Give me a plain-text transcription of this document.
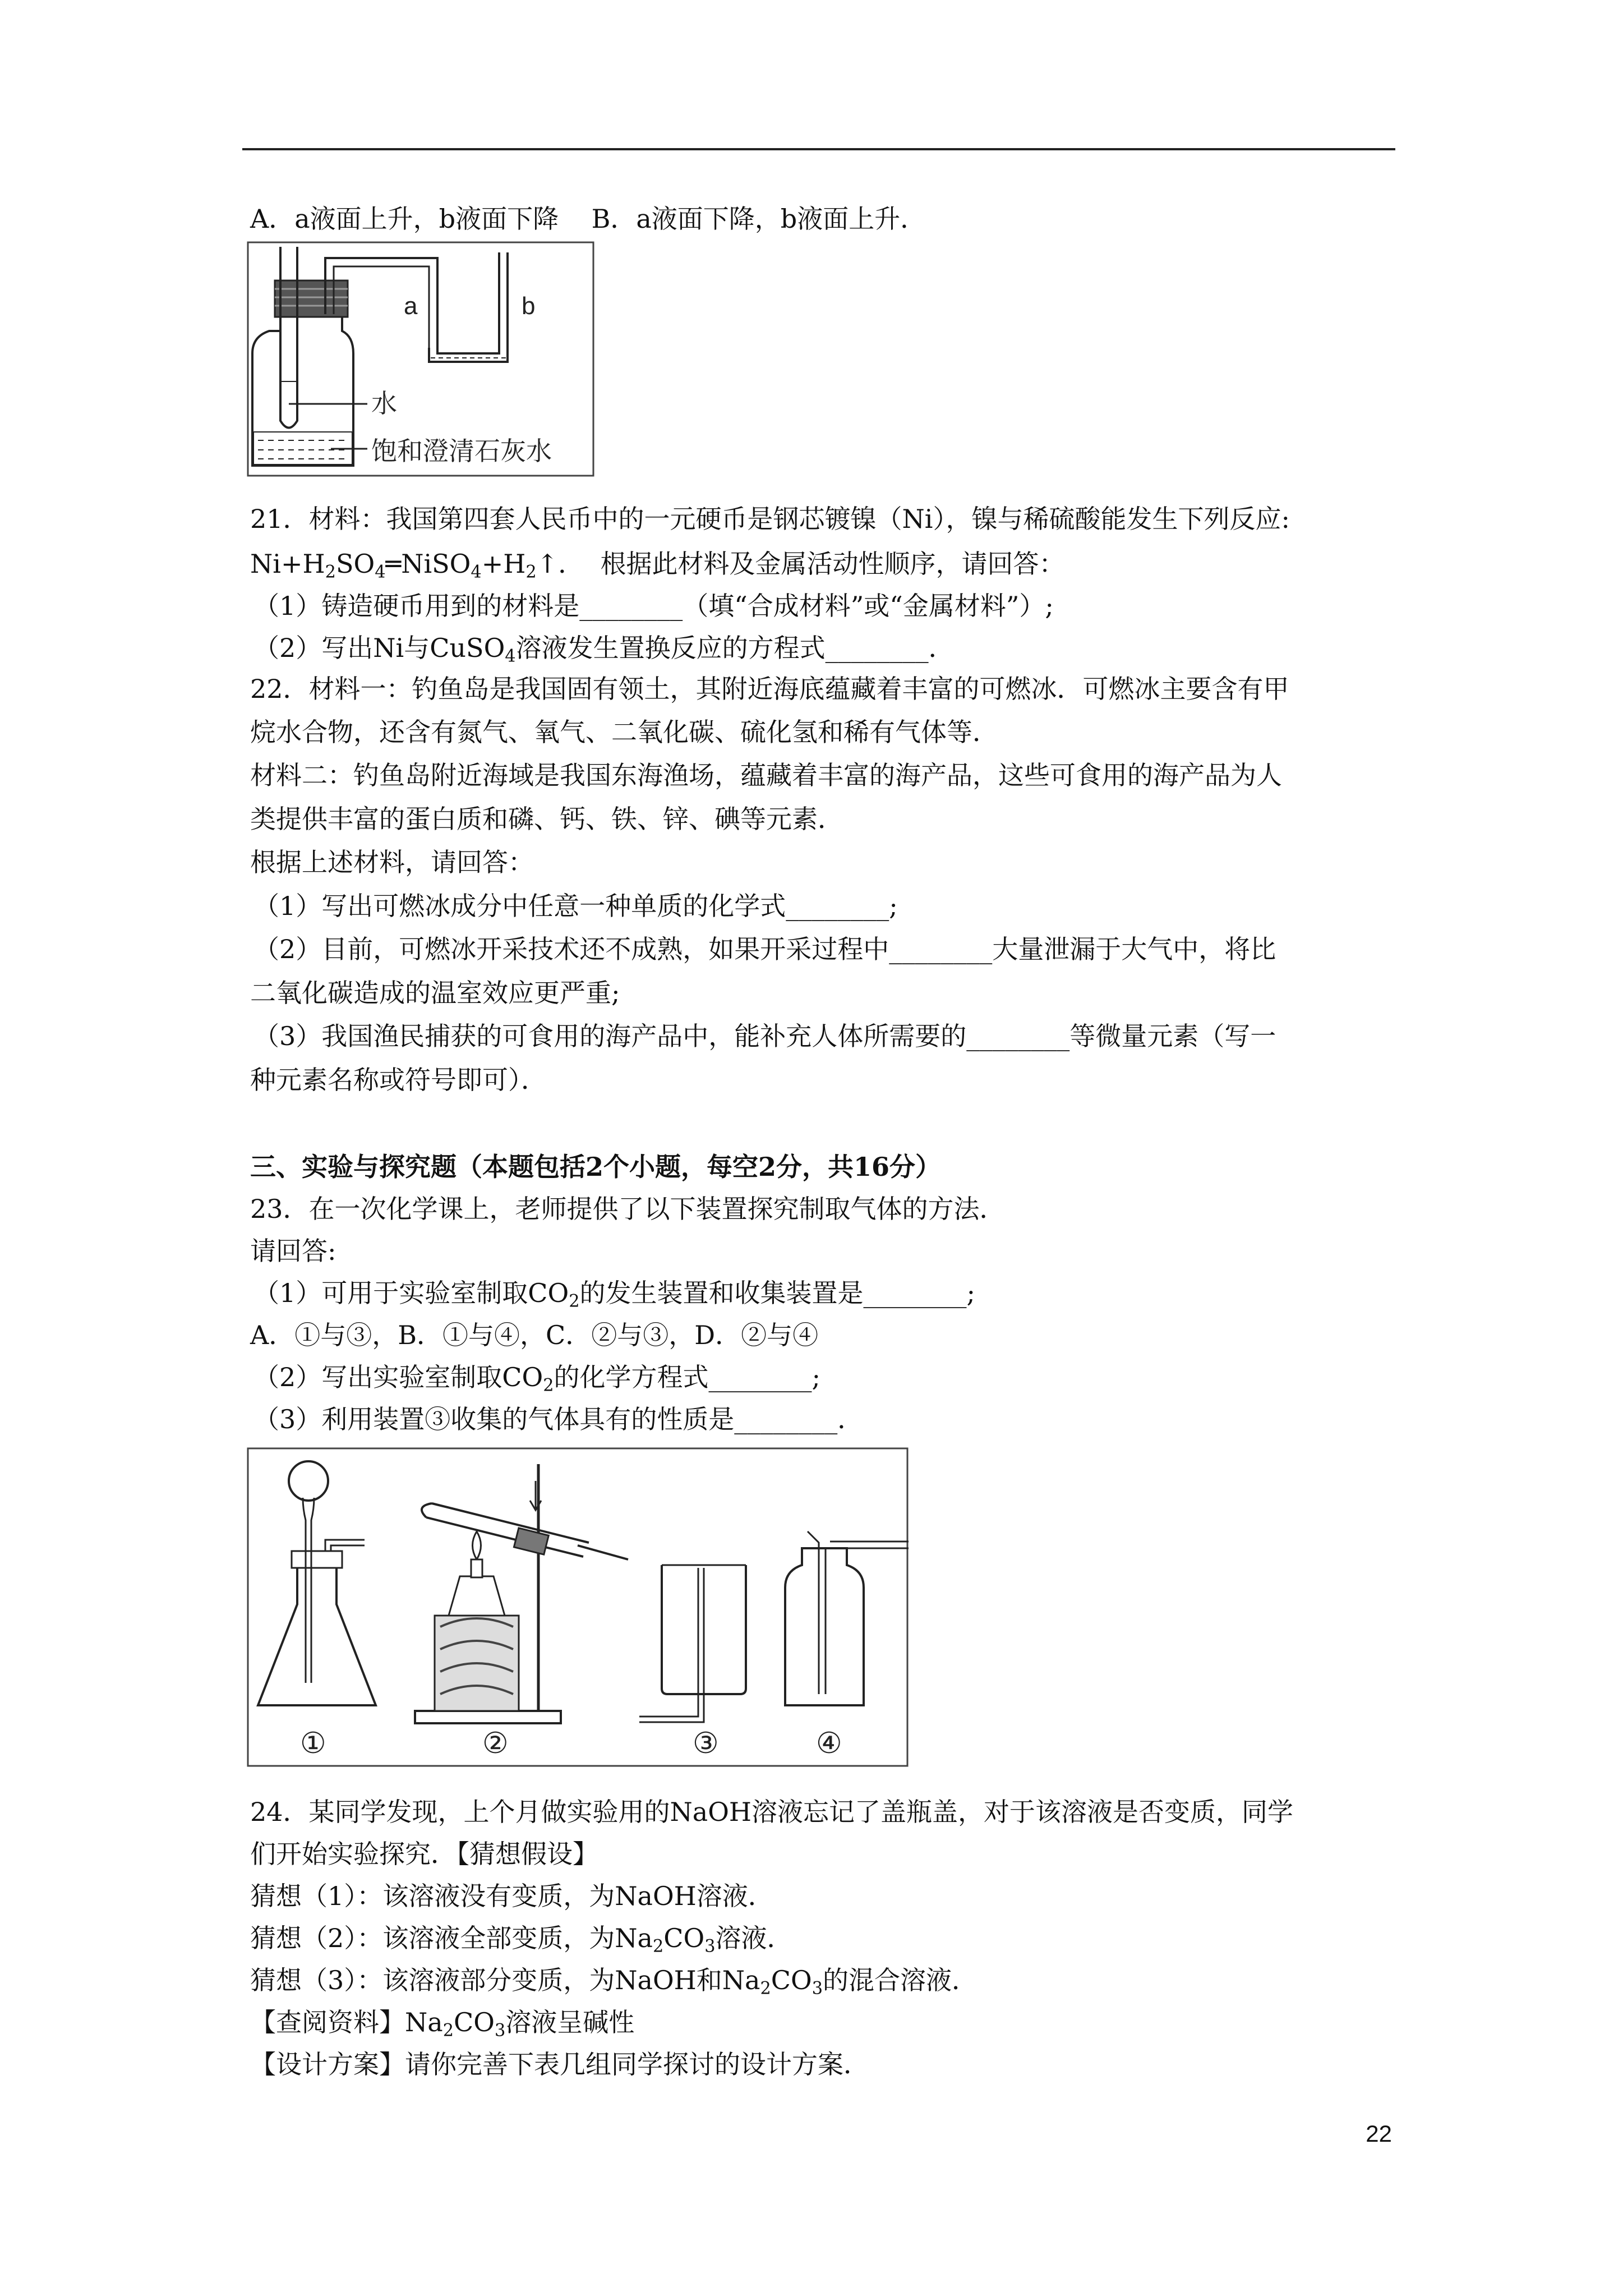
A．a液面上升，b液面下降    B．a液面下降，b液面上升．
a	b
水
饱和澄清石灰水
21．材料：我国第四套人民币中的一元硬币是钢芯镀镍（Ni），镍与稀硫酸能发生下列反应:
$Ni+H_2SO_4═NiSO_4+H_2↑$．  根据此材料及金属活动性顺序，请回答：
（1）铸造硬币用到的材料是________（填“合成材料”或“金属材料”）;
（2）写出Ni与CuSO$_4$溶液发生置换反应的方程式________．
22．材料一：钓鱼岛是我国固有领土，其附近海底蕴藏着丰富的可燃冰．可燃冰主要含有甲
烷水合物，还含有氮气、氧气、二氧化碳、硫化氢和稀有气体等．
材料二：钓鱼岛附近海域是我国东海渔场，蕴藏着丰富的海产品，这些可食用的海产品为人
类提供丰富的蛋白质和磷、钙、铁、锌、碘等元素．
根据上述材料，请回答：
（1）写出可燃冰成分中任意一种单质的化学式________;
（2）目前，可燃冰开采技术还不成熟，如果开采过程中________大量泄漏于大气中，将比
二氧化碳造成的温室效应更严重;
（3）我国渔民捕获的可食用的海产品中，能补充人体所需要的________等微量元素（写一
种元素名称或符号即可）．
三、实验与探究题（本题包括2个小题，每空2分，共16分）
23．在一次化学课上，老师提供了以下装置探究制取气体的方法．
请回答:
（1）可用于实验室制取$CO_2$的发生装置和收集装置是________;
A．①与③，B．①与④，C．②与③，D．②与④
（2）写出实验室制取$CO_2$的化学方程式________;
（3）利用装置③收集的气体具有的性质是________．
①	②	③	④
24．某同学发现，上个月做实验用的NaOH溶液忘记了盖瓶盖，对于该溶液是否变质，同学
们开始实验探究．【猜想假设】
猜想（1）：该溶液没有变质，为NaOH溶液．
猜想（2）：该溶液全部变质，为$Na_2CO_3$溶液．
猜想（3）：该溶液部分变质，为NaOH和$Na_2CO_3$的混合溶液．
【查阅资料】$Na_2CO_3$溶液呈碱性
【设计方案】请你完善下表几组同学探讨的设计方案．
22
